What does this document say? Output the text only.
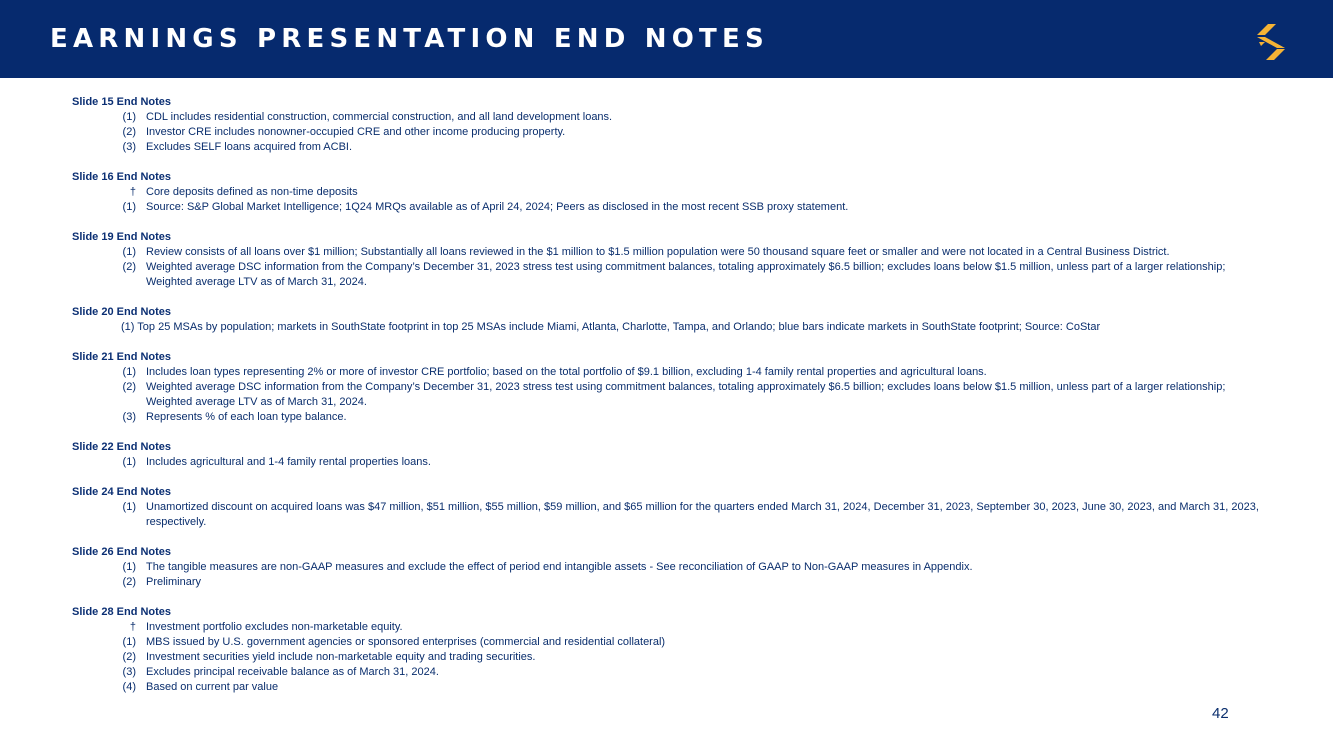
EARNINGS PRESENTATION END NOTES
Slide 15 End Notes
(1) CDL includes residential construction, commercial construction, and all land development loans.
(2) Investor CRE includes nonowner-occupied CRE and other income producing property.
(3) Excludes SELF loans acquired from ACBI.
Slide 16 End Notes
† Core deposits defined as non-time deposits
(1) Source: S&P Global Market Intelligence; 1Q24 MRQs available as of April 24, 2024; Peers as disclosed in the most recent SSB proxy statement.
Slide 19 End Notes
(1) Review consists of all loans over $1 million; Substantially all loans reviewed in the $1 million to $1.5 million population were 50 thousand square feet or smaller and were not located in a Central Business District.
(2) Weighted average DSC information from the Company’s December 31, 2023 stress test using commitment balances, totaling approximately $6.5 billion; excludes loans below $1.5 million, unless part of a larger relationship; Weighted average LTV as of March 31, 2024.
Slide 20 End Notes
(1) Top 25 MSAs by population; markets in SouthState footprint in top 25 MSAs include Miami, Atlanta, Charlotte, Tampa, and Orlando; blue bars indicate markets in SouthState footprint; Source: CoStar
Slide 21 End Notes
(1) Includes loan types representing 2% or more of investor CRE portfolio; based on the total portfolio of $9.1 billion, excluding 1-4 family rental properties and agricultural loans.
(2) Weighted average DSC information from the Company’s December 31, 2023 stress test using commitment balances, totaling approximately $6.5 billion; excludes loans below $1.5 million, unless part of a larger relationship; Weighted average LTV as of March 31, 2024.
(3) Represents % of each loan type balance.
Slide 22 End Notes
(1) Includes agricultural and 1-4 family rental properties loans.
Slide 24 End Notes
(1) Unamortized discount on acquired loans was $47 million, $51 million, $55 million, $59 million, and $65 million for the quarters ended March 31, 2024, December 31, 2023, September 30, 2023, June 30, 2023, and March 31, 2023, respectively.
Slide 26 End Notes
(1) The tangible measures are non-GAAP measures and exclude the effect of period end intangible assets - See reconciliation of GAAP to Non-GAAP measures in Appendix.
(2) Preliminary
Slide 28 End Notes
† Investment portfolio excludes non-marketable equity.
(1) MBS issued by U.S. government agencies or sponsored enterprises (commercial and residential collateral)
(2) Investment securities yield include non-marketable equity and trading securities.
(3) Excludes principal receivable balance as of March 31, 2024.
(4) Based on current par value
42
